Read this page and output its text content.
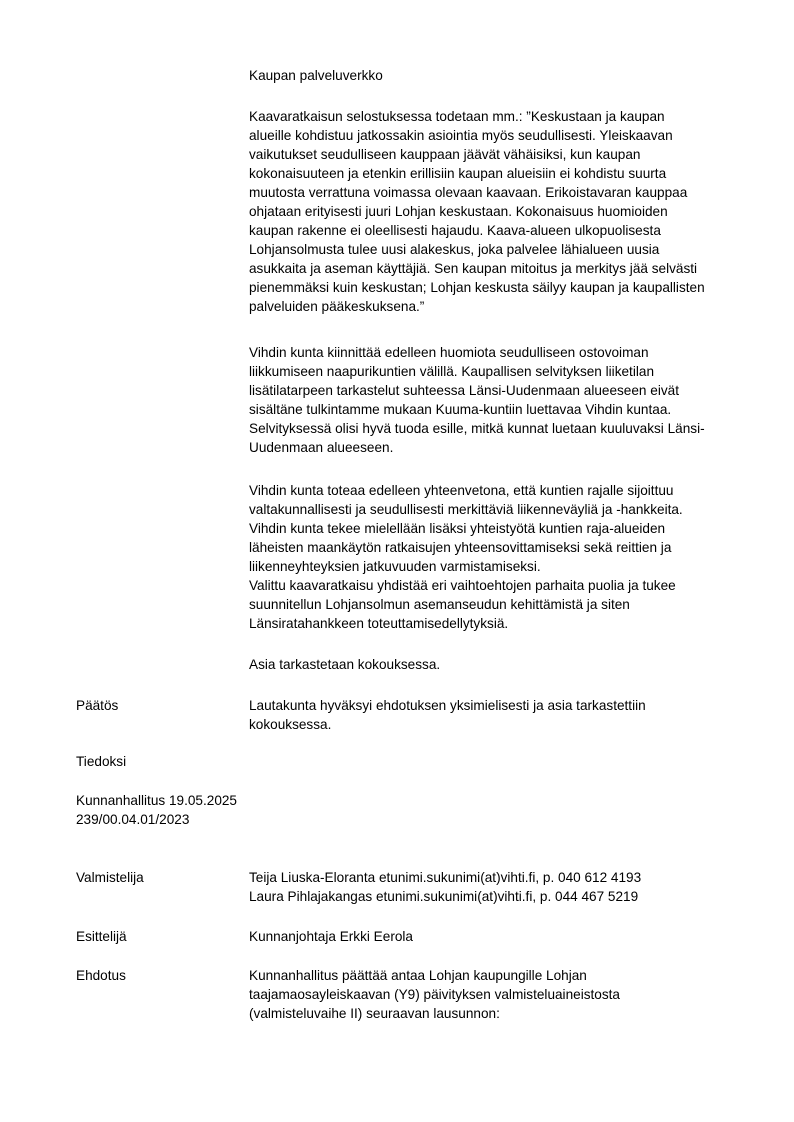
Kaupan palveluverkko
Kaavaratkaisun selostuksessa todetaan mm.: ”Keskustaan ja kaupan
alueille kohdistuu jatkossakin asiointia myös seudullisesti. Yleiskaavan
vaikutukset seudulliseen kauppaan jäävät vähäisiksi, kun kaupan
kokonaisuuteen ja etenkin erillisiin kaupan alueisiin ei kohdistu suurta
muutosta verrattuna voimassa olevaan kaavaan. Erikoistavaran kauppaa
ohjataan erityisesti juuri Lohjan keskustaan. Kokonaisuus huomioiden
kaupan rakenne ei oleellisesti hajaudu. Kaava-alueen ulkopuolisesta
Lohjansolmusta tulee uusi alakeskus, joka palvelee lähialueen uusia
asukkaita ja aseman käyttäjiä. Sen kaupan mitoitus ja merkitys jää selvästi
pienemmäksi kuin keskustan; Lohjan keskusta säilyy kaupan ja kaupallisten
palveluiden pääkeskuksena.”
Vihdin kunta kiinnittää edelleen huomiota seudulliseen ostovoiman
liikkumiseen naapurikuntien välillä. Kaupallisen selvityksen liiketilan
lisätilatarpeen tarkastelut suhteessa Länsi-Uudenmaan alueeseen eivät
sisältäne tulkintamme mukaan Kuuma-kuntiin luettavaa Vihdin kuntaa.
Selvityksessä olisi hyvä tuoda esille, mitkä kunnat luetaan kuuluvaksi Länsi-
Uudenmaan alueeseen.
Vihdin kunta toteaa edelleen yhteenvetona, että kuntien rajalle sijoittuu
valtakunnallisesti ja seudullisesti merkittäviä liikenneväyliä ja -hankkeita.
Vihdin kunta tekee mielellään lisäksi yhteistyötä kuntien raja-alueiden
läheisten maankäytön ratkaisujen yhteensovittamiseksi sekä reittien ja
liikenneyhteyksien jatkuvuuden varmistamiseksi.
Valittu kaavaratkaisu yhdistää eri vaihtoehtojen parhaita puolia ja tukee
suunnitellun Lohjansolmun asemanseudun kehittämistä ja siten
Länsiratahankkeen toteuttamisedellytyksiä.
Asia tarkastetaan kokouksessa.
Päätös	Lautakunta hyväksyi ehdotuksen yksimielisesti ja asia tarkastettiin
kokouksessa.
Tiedoksi
Kunnanhallitus 19.05.2025
239/00.04.01/2023
Valmistelija	Teija Liuska-Eloranta etunimi.sukunimi(at)vihti.fi, p. 040 612 4193
Laura Pihlajakangas etunimi.sukunimi(at)vihti.fi, p. 044 467 5219
Esittelijä	Kunnanjohtaja Erkki Eerola
Ehdotus	Kunnanhallitus päättää antaa Lohjan kaupungille Lohjan
taajamaosayleiskaavan (Y9) päivityksen valmisteluaineistosta
(valmisteluvaihe II) seuraavan lausunnon:
